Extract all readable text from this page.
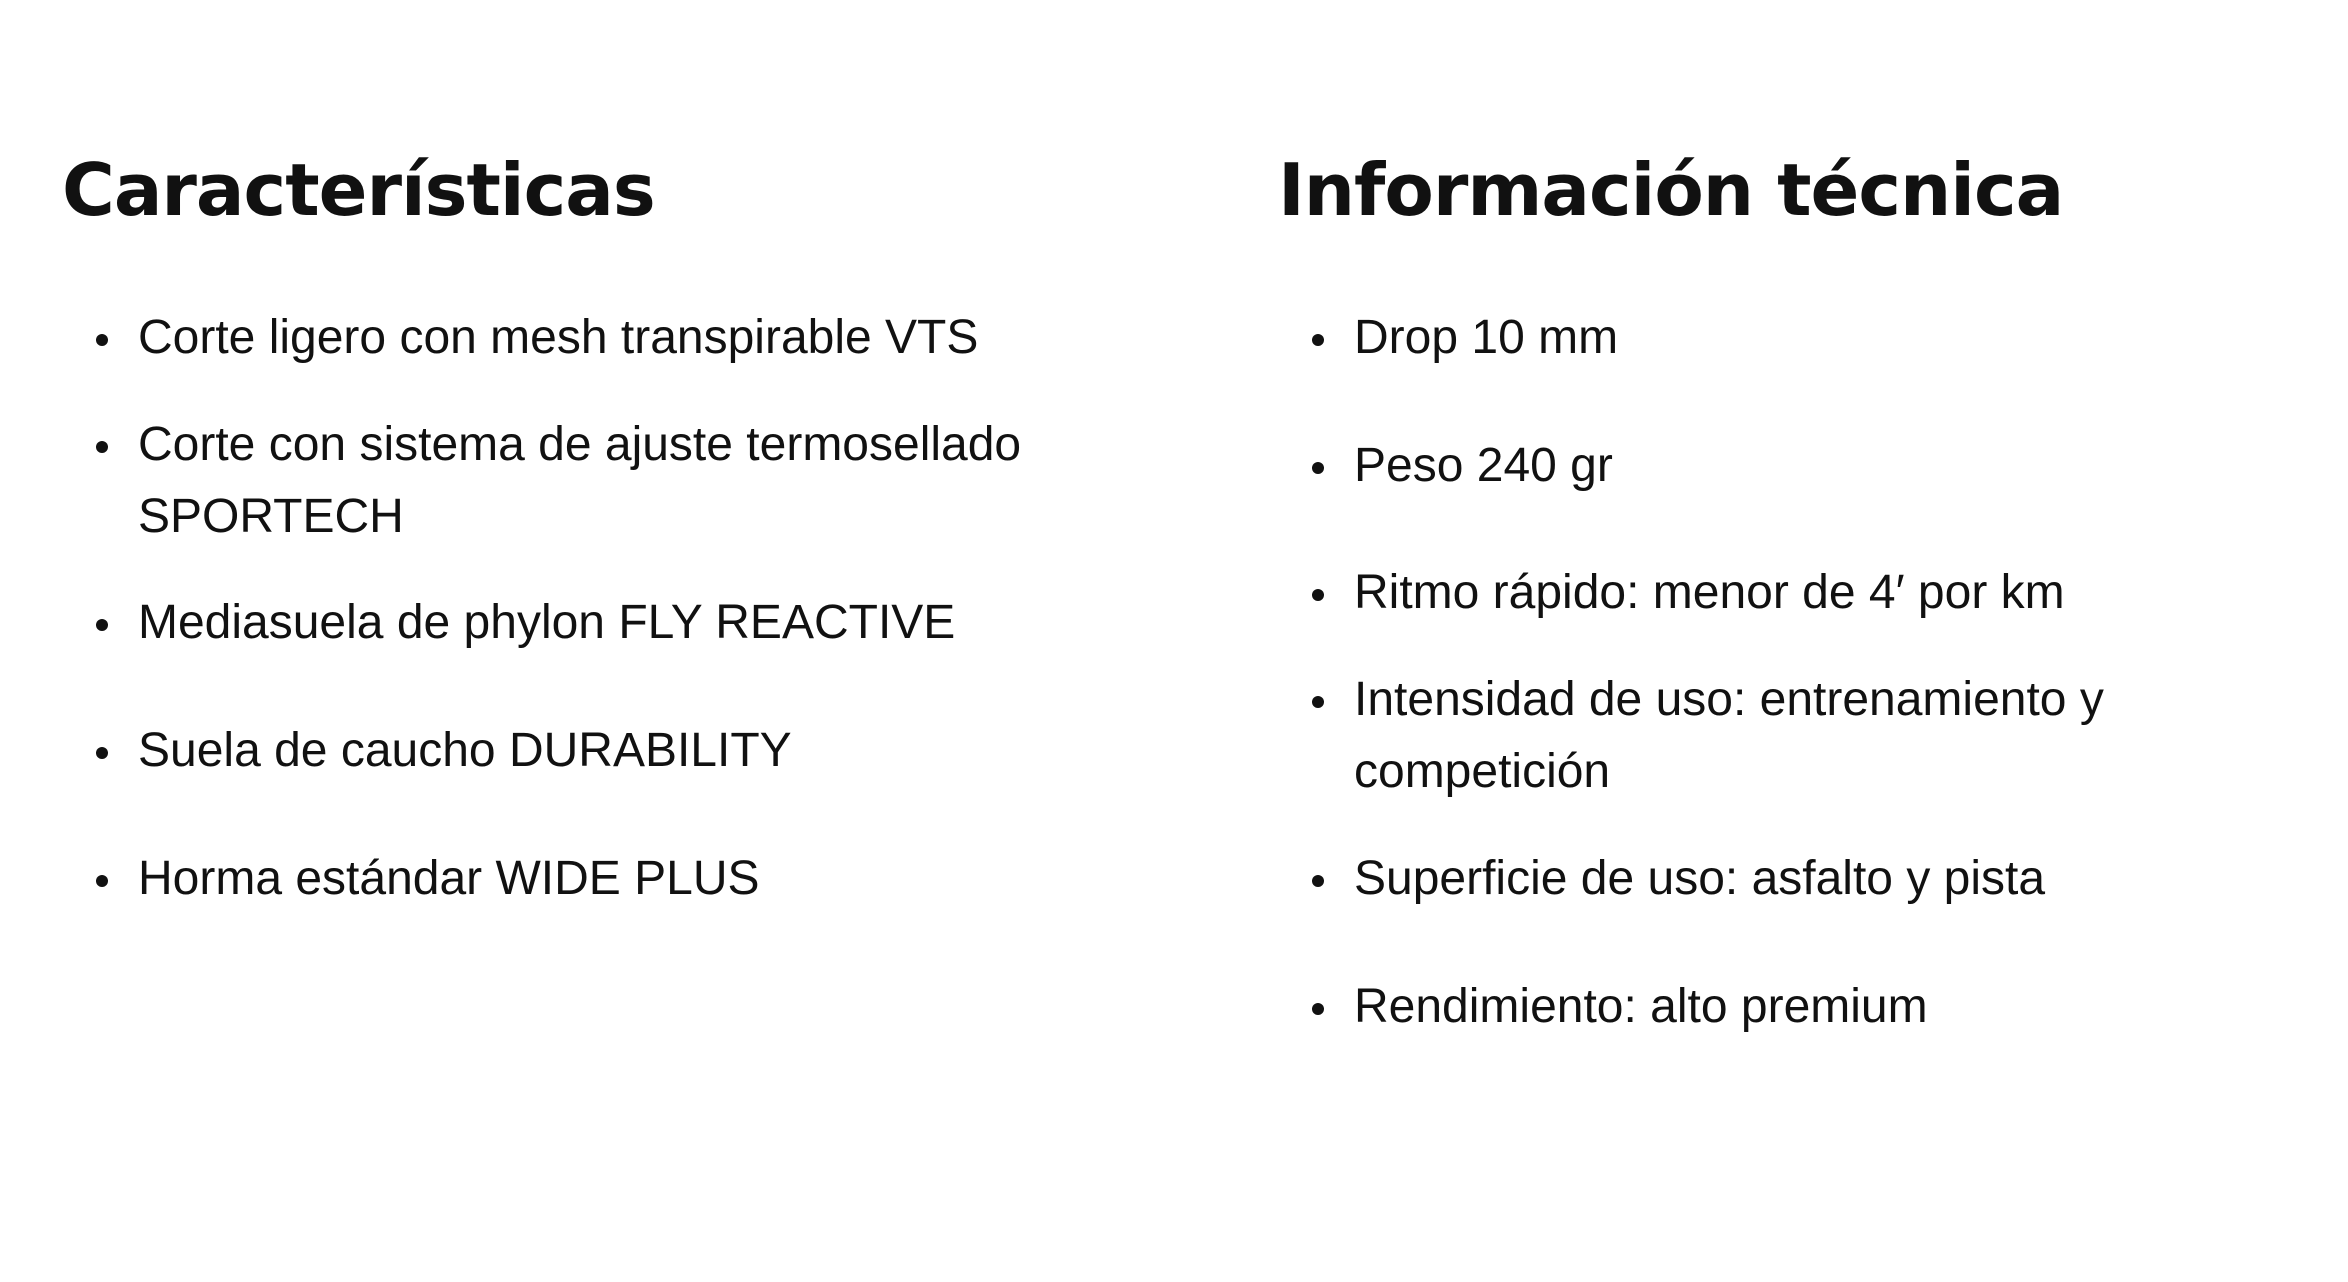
Características
Corte ligero con mesh transpirable VTS
Corte con sistema de ajuste termosellado
SPORTECH
Mediasuela de phylon FLY REACTIVE
Suela de caucho DURABILITY
Horma estándar WIDE PLUS
Información técnica
Drop 10 mm
Peso 240 gr
Ritmo rápido: menor de 4′ por km
Intensidad de uso: entrenamiento y
competición
Superficie de uso: asfalto y pista
Rendimiento: alto premium
